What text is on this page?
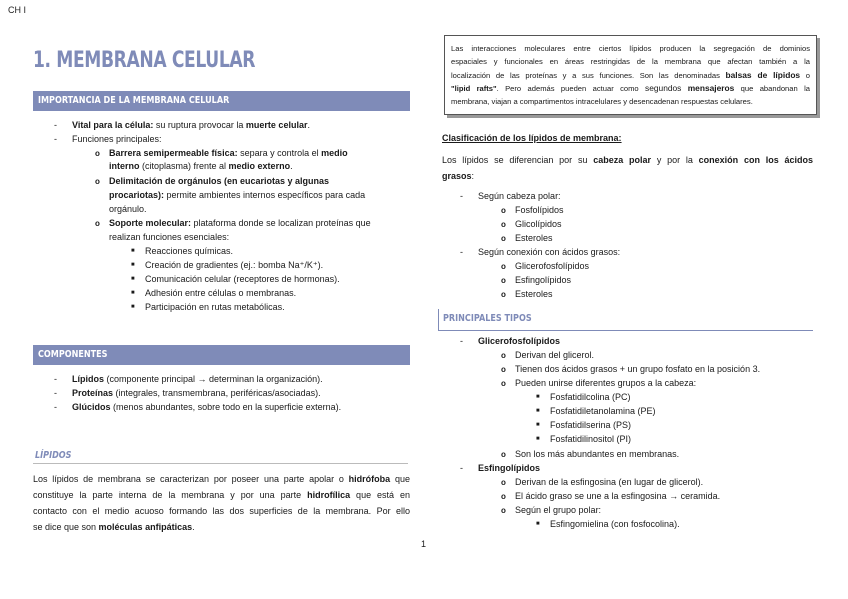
CH I
1. MEMBRANA CELULAR
IMPORTANCIA DE LA MEMBRANA CELULAR
- Vital para la célula: su ruptura provocar la muerte celular.
- Funciones principales:
o Barrera semipermeable física: separa y controla el medio
interno (citoplasma) frente al medio externo.
o Delimitación de orgánulos (en eucariotas y algunas
procariotas): permite ambientes internos específicos para cada
orgánulo.
o Soporte molecular: plataforma donde se localizan proteínas que
realizan funciones esenciales:
■ Reacciones químicas.
■ Creación de gradientes (ej.: bomba Na⁺/K⁺).
■ Comunicación celular (receptores de hormonas).
■ Adhesión entre células o membranas.
■ Participación en rutas metabólicas.
COMPONENTES
- Lípidos (componente principal → determinan la organización).
- Proteínas (integrales, transmembrana, periféricas/asociadas).
- Glúcidos (menos abundantes, sobre todo en la superficie externa).
LÍPIDOS
Los lípidos de membrana se caracterizan por poseer una parte apolar o hidrófoba que
constituye la parte interna de la membrana y por una parte hidrofílica que está en
contacto con el medio acuoso formando las dos superficies de la membrana. Por ello
se dice que son moléculas anfipáticas.
Las interacciones moleculares entre ciertos lípidos producen la segregación de dominios
espaciales y funcionales en áreas restringidas de la membrana que afectan también a la
localización de las proteínas y a sus funciones. Son las denominadas balsas de lípidos o
"lipid rafts". Pero además pueden actuar como segundos mensajeros que abandonan la
membrana, viajan a compartimentos intracelulares y desencadenan respuestas celulares.
Clasificación de los lípidos de membrana:
Los lípidos se diferencian por su cabeza polar y por la conexión con los ácidos
grasos:
- Según cabeza polar:
o Fosfolípidos
o Glicolípidos
o Esteroles
- Según conexión con ácidos grasos:
o Glicerofosfolípidos
o Esfingolípidos
o Esteroles
PRINCIPALES TIPOS
- Glicerofosfolípidos
o Derivan del glicerol.
o Tienen dos ácidos grasos + un grupo fosfato en la posición 3.
o Pueden unirse diferentes grupos a la cabeza:
■ Fosfatidilcolina (PC)
■ Fosfatidiletanolamina (PE)
■ Fosfatidilserina (PS)
■ Fosfatidilinositol (PI)
o Son los más abundantes en membranas.
- Esfingolípidos
o Derivan de la esfingosina (en lugar de glicerol).
o El ácido graso se une a la esfingosina → ceramida.
o Según el grupo polar:
■ Esfingomielina (con fosfocolina).
1
